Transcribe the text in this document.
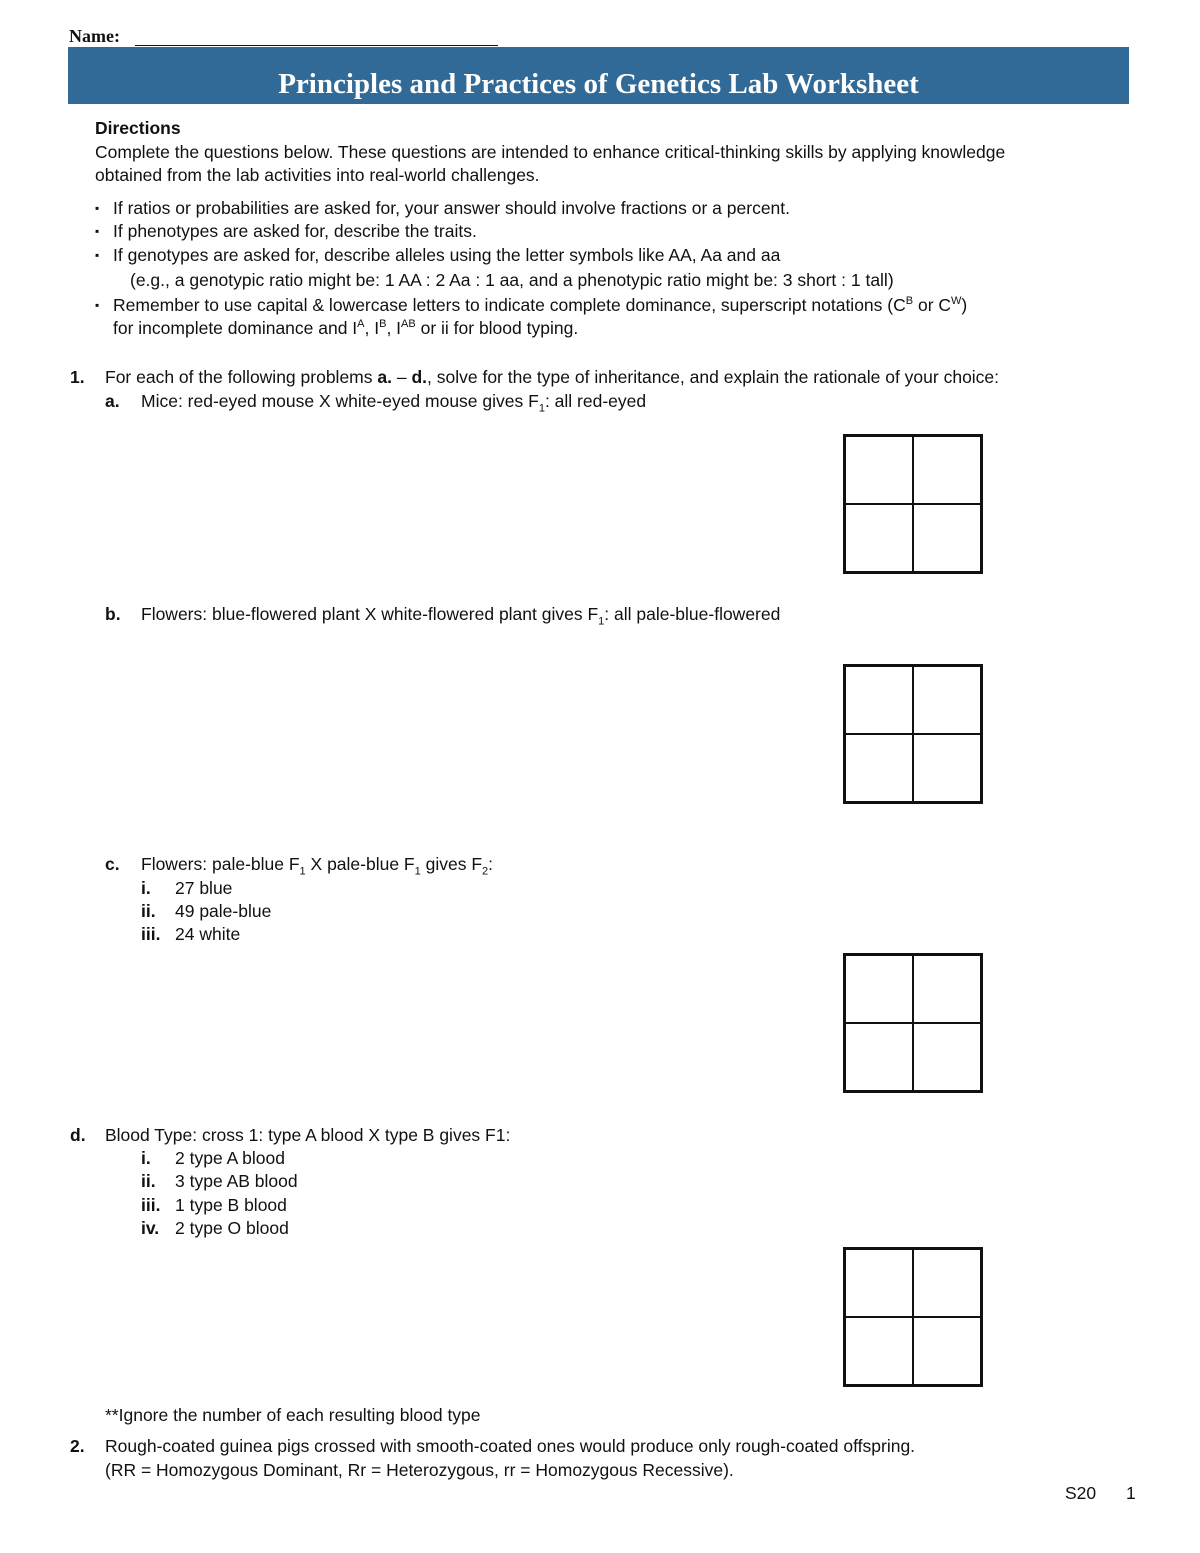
Name:
Principles and Practices of Genetics Lab Worksheet
Directions
Complete the questions below. These questions are intended to enhance critical-thinking skills by applying knowledge
obtained from the lab activities into real-world challenges.
▪ If ratios or probabilities are asked for, your answer should involve fractions or a percent.
▪ If phenotypes are asked for, describe the traits.
▪ If genotypes are asked for, describe alleles using the letter symbols like AA, Aa and aa
(e.g., a genotypic ratio might be: 1 AA : 2 Aa : 1 aa, and a phenotypic ratio might be: 3 short : 1 tall)
▪ Remember to use capital & lowercase letters to indicate complete dominance, superscript notations ($C^B$ or $C^W$)
for incomplete dominance and $I^A$, $I^B$, $I^{AB}$ or ii for blood typing.
1. For each of the following problems a. – d., solve for the type of inheritance, and explain the rationale of your choice:
a. Mice: red-eyed mouse X white-eyed mouse gives $F_1$: all red-eyed
b. Flowers: blue-flowered plant X white-flowered plant gives $F_1$: all pale-blue-flowered
c. Flowers: pale-blue $F_1$ X pale-blue $F_1$ gives $F_2$:
i. 27 blue
ii. 49 pale-blue
iii. 24 white
d. Blood Type: cross 1: type A blood X type B gives F1:
i. 2 type A blood
ii. 3 type AB blood
iii. 1 type B blood
iv. 2 type O blood
**Ignore the number of each resulting blood type
2. Rough-coated guinea pigs crossed with smooth-coated ones would produce only rough-coated offspring.
(RR = Homozygous Dominant, Rr = Heterozygous, rr = Homozygous Recessive).
S20 1
